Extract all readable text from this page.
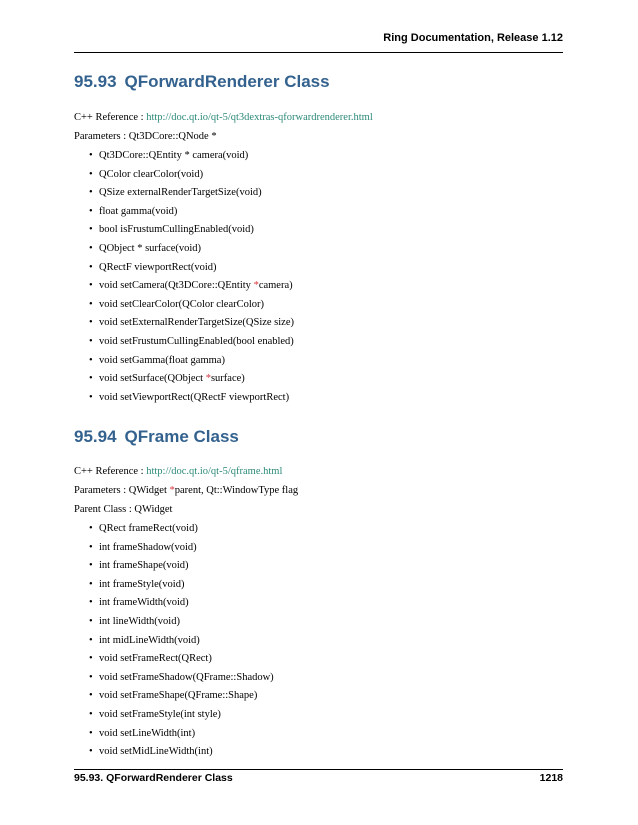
Ring Documentation, Release 1.12
95.93 QForwardRenderer Class
C++ Reference : http://doc.qt.io/qt-5/qt3dextras-qforwardrenderer.html
Parameters : Qt3DCore::QNode *
• Qt3DCore::QEntity * camera(void)
• QColor clearColor(void)
• QSize externalRenderTargetSize(void)
• float gamma(void)
• bool isFrustumCullingEnabled(void)
• QObject * surface(void)
• QRectF viewportRect(void)
• void setCamera(Qt3DCore::QEntity *camera)
• void setClearColor(QColor clearColor)
• void setExternalRenderTargetSize(QSize size)
• void setFrustumCullingEnabled(bool enabled)
• void setGamma(float gamma)
• void setSurface(QObject *surface)
• void setViewportRect(QRectF viewportRect)
95.94 QFrame Class
C++ Reference : http://doc.qt.io/qt-5/qframe.html
Parameters : QWidget *parent, Qt::WindowType flag
Parent Class : QWidget
• QRect frameRect(void)
• int frameShadow(void)
• int frameShape(void)
• int frameStyle(void)
• int frameWidth(void)
• int lineWidth(void)
• int midLineWidth(void)
• void setFrameRect(QRect)
• void setFrameShadow(QFrame::Shadow)
• void setFrameShape(QFrame::Shape)
• void setFrameStyle(int style)
• void setLineWidth(int)
• void setMidLineWidth(int)
95.93. QForwardRenderer Class	1218
